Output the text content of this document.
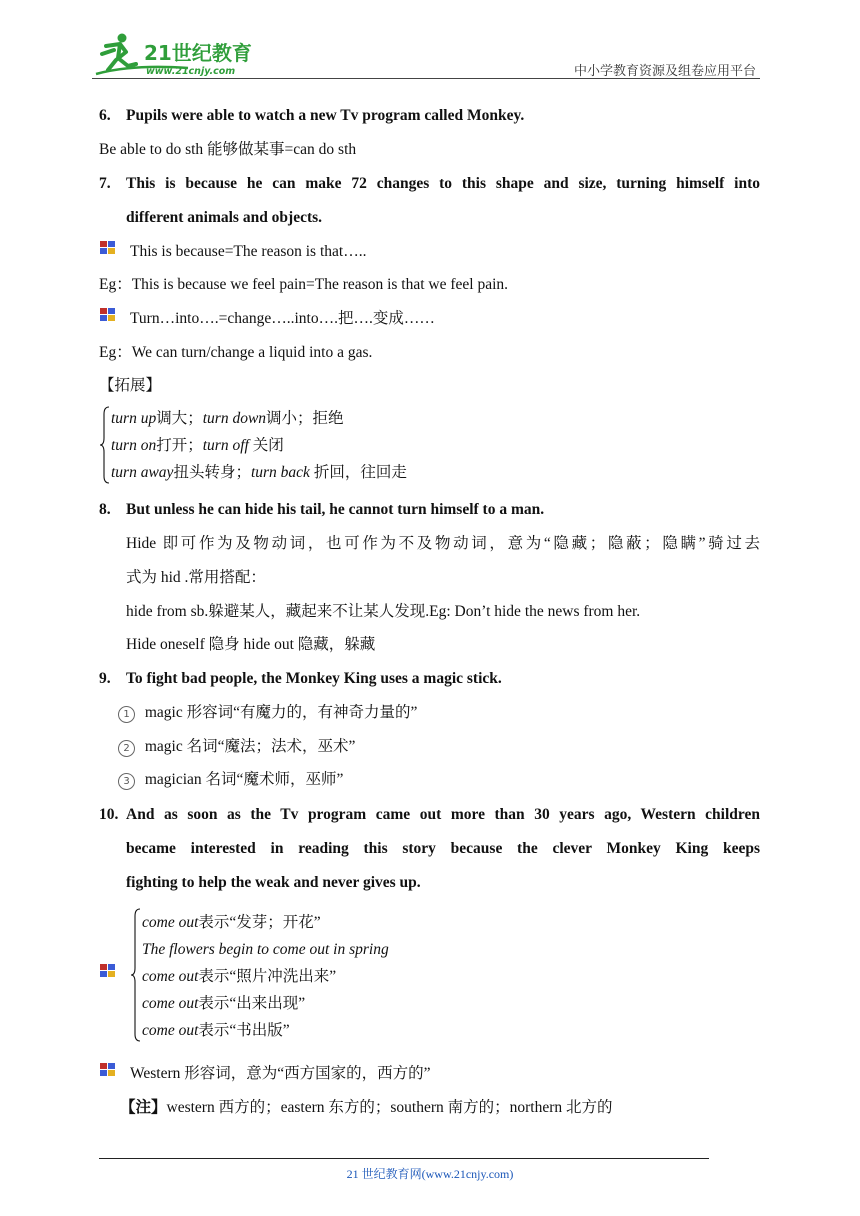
21世纪教育
www.21cnjy.com	中小学教育资源及组卷应用平台
6. Pupils were able to watch a new Tv program called Monkey.
Be able to do sth 能够做某事=can do sth
7. This is because he can make 72 changes to this shape and size, turning himself into
different animals and objects.
This is because=The reason is that…..
Eg：This is because we feel pain=The reason is that we feel pain.
Turn…into….=change…..into….把….变成……
Eg：We can turn/change a liquid into a gas.
【拓展】
turn up调大；turn down调小；拒绝
turn on打开；turn off 关闭
turn away扭头转身；turn back 折回，往回走
8. But unless he can hide his tail, he cannot turn himself to a man.
Hide 即可作为及物动词，也可作为不及物动词，意为“隐藏；隐蔽；隐瞒”骑过去
式为 hid .常用搭配：
hide from sb.躲避某人，藏起来不让某人发现.Eg: Don’t hide the news from her.
Hide oneself 隐身 hide out 隐藏，躲藏
9. To fight bad people, the Monkey King uses a magic stick.
1 magic 形容词“有魔力的，有神奇力量的”
2 magic 名词“魔法；法术，巫术”
3 magician 名词“魔术师，巫师”
10. And as soon as the Tv program came out more than 30 years ago, Western children
became interested in reading this story because the clever Monkey King keeps
fighting to help the weak and never gives up.
come out表示“发芽；开花”
The flowers begin to come out in spring
come out表示“照片冲洗出来”
come out表示“出来出现”
come out表示“书出版”
Western 形容词，意为“西方国家的，西方的”
【注】western 西方的；eastern 东方的；southern 南方的；northern 北方的
21 世纪教育网(www.21cnjy.com)
